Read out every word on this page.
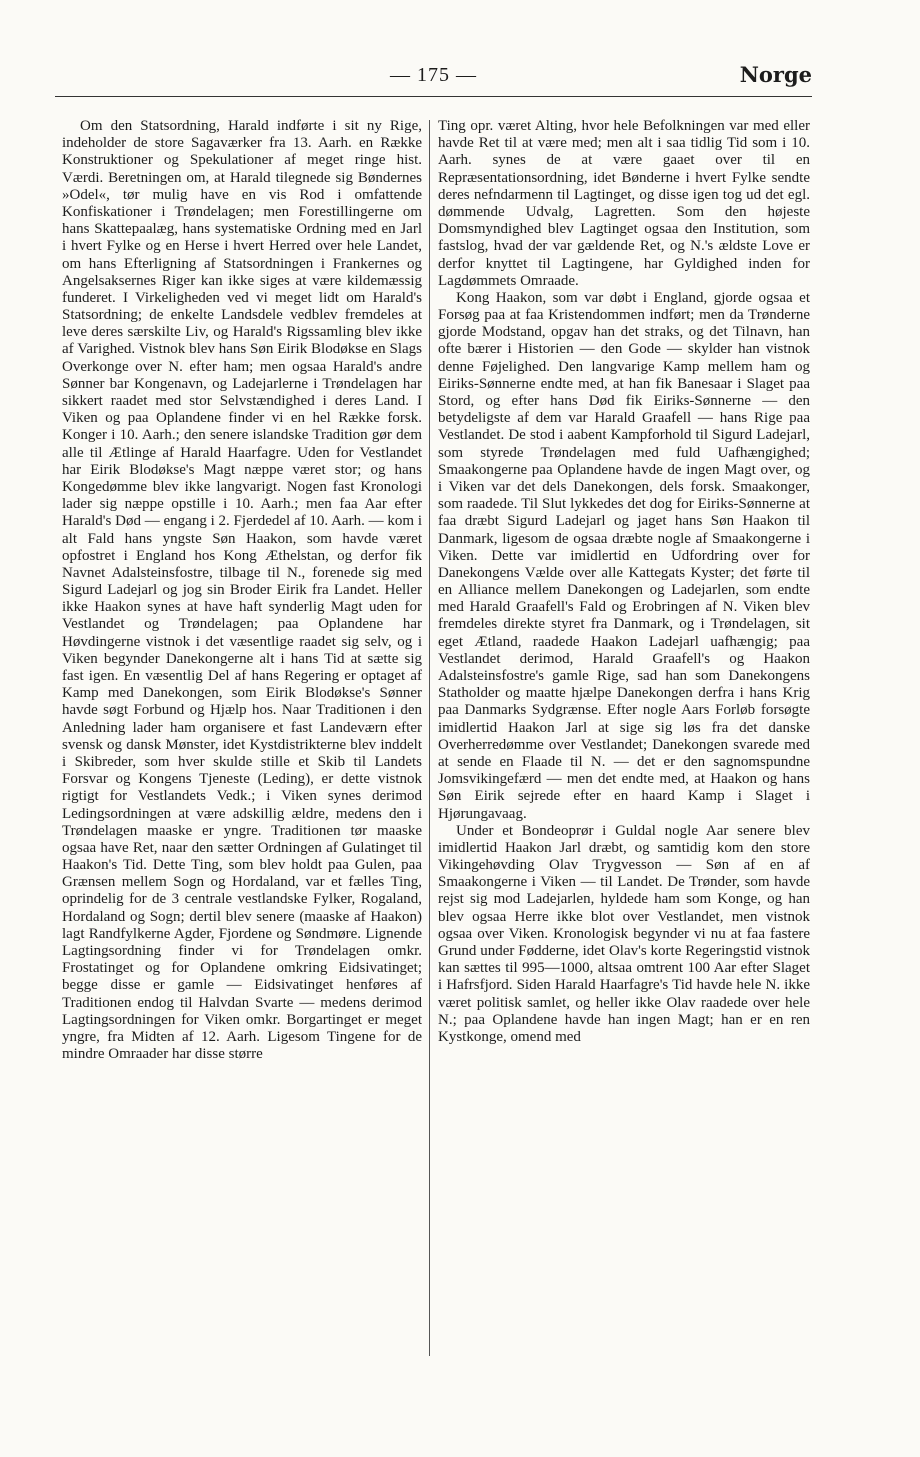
— 175 —	Norge

Om den Statsordning, Harald indførte i sit ny Rige, indeholder de store Sagaværker fra 13. Aarh. en Række Konstruktioner og Spekulationer af meget ringe hist. Værdi. Beretningen om, at Harald tilegnede sig Bøndernes »Odel«, tør mulig have en vis Rod i omfattende Konfiskationer i Trøndelagen; men Forestillingerne om hans Skattepaalæg, hans systematiske Ordning med en Jarl i hvert Fylke og en Herse i hvert Herred over hele Landet, om hans Efterligning af Statsordningen i Frankernes og Angelsaksernes Riger kan ikke siges at være kildemæssig funderet. I Virkeligheden ved vi meget lidt om Harald's Statsordning; de enkelte Landsdele vedblev fremdeles at leve deres særskilte Liv, og Harald's Rigssamling blev ikke af Varighed. Vistnok blev hans Søn Eirik Blodøkse en Slags Overkonge over N. efter ham; men ogsaa Harald's andre Sønner bar Kongenavn, og Ladejarlerne i Trøndelagen har sikkert raadet med stor Selvstændighed i deres Land. I Viken og paa Oplandene finder vi en hel Række forsk. Konger i 10. Aarh.; den senere islandske Tradition gør dem alle til Ætlinge af Harald Haarfagre. Uden for Vestlandet har Eirik Blodøkse's Magt næppe været stor; og hans Kongedømme blev ikke langvarigt. Nogen fast Kronologi lader sig næppe opstille i 10. Aarh.; men faa Aar efter Harald's Død — engang i 2. Fjerdedel af 10. Aarh. — kom i alt Fald hans yngste Søn Haakon, som havde været opfostret i England hos Kong Æthelstan, og derfor fik Navnet Adalsteinsfostre, tilbage til N., forenede sig med Sigurd Ladejarl og jog sin Broder Eirik fra Landet. Heller ikke Haakon synes at have haft synderlig Magt uden for Vestlandet og Trøndelagen; paa Oplandene har Høvdingerne vistnok i det væsentlige raadet sig selv, og i Viken begynder Danekongerne alt i hans Tid at sætte sig fast igen. En væsentlig Del af hans Regering er optaget af Kamp med Danekongen, som Eirik Blodøkse's Sønner havde søgt Forbund og Hjælp hos. Naar Traditionen i den Anledning lader ham organisere et fast Landeværn efter svensk og dansk Mønster, idet Kystdistrikterne blev inddelt i Skibreder, som hver skulde stille et Skib til Landets Forsvar og Kongens Tjeneste (Leding), er dette vistnok rigtigt for Vestlandets Vedk.; i Viken synes derimod Ledingsordningen at være adskillig ældre, medens den i Trøndelagen maaske er yngre. Traditionen tør maaske ogsaa have Ret, naar den sætter Ordningen af Gulatinget til Haakon's Tid. Dette Ting, som blev holdt paa Gulen, paa Grænsen mellem Sogn og Hordaland, var et fælles Ting, oprindelig for de 3 centrale vestlandske Fylker, Rogaland, Hordaland og Sogn; dertil blev senere (maaske af Haakon) lagt Randfylkerne Agder, Fjordene og Søndmøre. Lignende Lagtingsordning finder vi for Trøndelagen omkr. Frostatinget og for Oplandene omkring Eidsivatinget; begge disse er gamle — Eidsivatinget henføres af Traditionen endog til Halvdan Svarte — medens derimod Lagtingsordningen for Viken omkr. Borgartinget er meget yngre, fra Midten af 12. Aarh. Ligesom Tingene for de mindre Omraader har disse større

Ting opr. været Alting, hvor hele Befolkningen var med eller havde Ret til at være med; men alt i saa tidlig Tid som i 10. Aarh. synes de at være gaaet over til en Repræsentationsordning, idet Bønderne i hvert Fylke sendte deres nefndarmenn til Lagtinget, og disse igen tog ud det egl. dømmende Udvalg, Lagretten. Som den højeste Domsmyndighed blev Lagtinget ogsaa den Institution, som fastslog, hvad der var gældende Ret, og N.'s ældste Love er derfor knyttet til Lagtingene, har Gyldighed inden for Lagdømmets Omraade.

Kong Haakon, som var døbt i England, gjorde ogsaa et Forsøg paa at faa Kristendommen indført; men da Trønderne gjorde Modstand, opgav han det straks, og det Tilnavn, han ofte bærer i Historien — den Gode — skylder han vistnok denne Føjelighed. Den langvarige Kamp mellem ham og Eiriks-Sønnerne endte med, at han fik Banesaar i Slaget paa Stord, og efter hans Død fik Eiriks-Sønnerne — den betydeligste af dem var Harald Graafell — hans Rige paa Vestlandet. De stod i aabent Kampforhold til Sigurd Ladejarl, som styrede Trøndelagen med fuld Uafhængighed; Smaakongerne paa Oplandene havde de ingen Magt over, og i Viken var det dels Danekongen, dels forsk. Smaakonger, som raadede. Til Slut lykkedes det dog for Eiriks-Sønnerne at faa dræbt Sigurd Ladejarl og jaget hans Søn Haakon til Danmark, ligesom de ogsaa dræbte nogle af Smaakongerne i Viken. Dette var imidlertid en Udfordring over for Danekongens Vælde over alle Kattegats Kyster; det førte til en Alliance mellem Danekongen og Ladejarlen, som endte med Harald Graafell's Fald og Erobringen af N. Viken blev fremdeles direkte styret fra Danmark, og i Trøndelagen, sit eget Ætland, raadede Haakon Ladejarl uafhængig; paa Vestlandet derimod, Harald Graafell's og Haakon Adalsteinsfostre's gamle Rige, sad han som Danekongens Statholder og maatte hjælpe Danekongen derfra i hans Krig paa Danmarks Sydgrænse. Efter nogle Aars Forløb forsøgte imidlertid Haakon Jarl at sige sig løs fra det danske Overherredømme over Vestlandet; Danekongen svarede med at sende en Flaade til N. — det er den sagnomspundne Jomsvikingefærd — men det endte med, at Haakon og hans Søn Eirik sejrede efter en haard Kamp i Slaget i Hjørungavaag.

Under et Bondeoprør i Guldal nogle Aar senere blev imidlertid Haakon Jarl dræbt, og samtidig kom den store Vikingehøvding Olav Trygvesson — Søn af en af Smaakongerne i Viken — til Landet. De Trønder, som havde rejst sig mod Ladejarlen, hyldede ham som Konge, og han blev ogsaa Herre ikke blot over Vestlandet, men vistnok ogsaa over Viken. Kronologisk begynder vi nu at faa fastere Grund under Fødderne, idet Olav's korte Regeringstid vistnok kan sættes til 995—1000, altsaa omtrent 100 Aar efter Slaget i Hafrsfjord. Siden Harald Haarfagre's Tid havde hele N. ikke været politisk samlet, og heller ikke Olav raadede over hele N.; paa Oplandene havde han ingen Magt; han er en ren Kystkonge, omend med
